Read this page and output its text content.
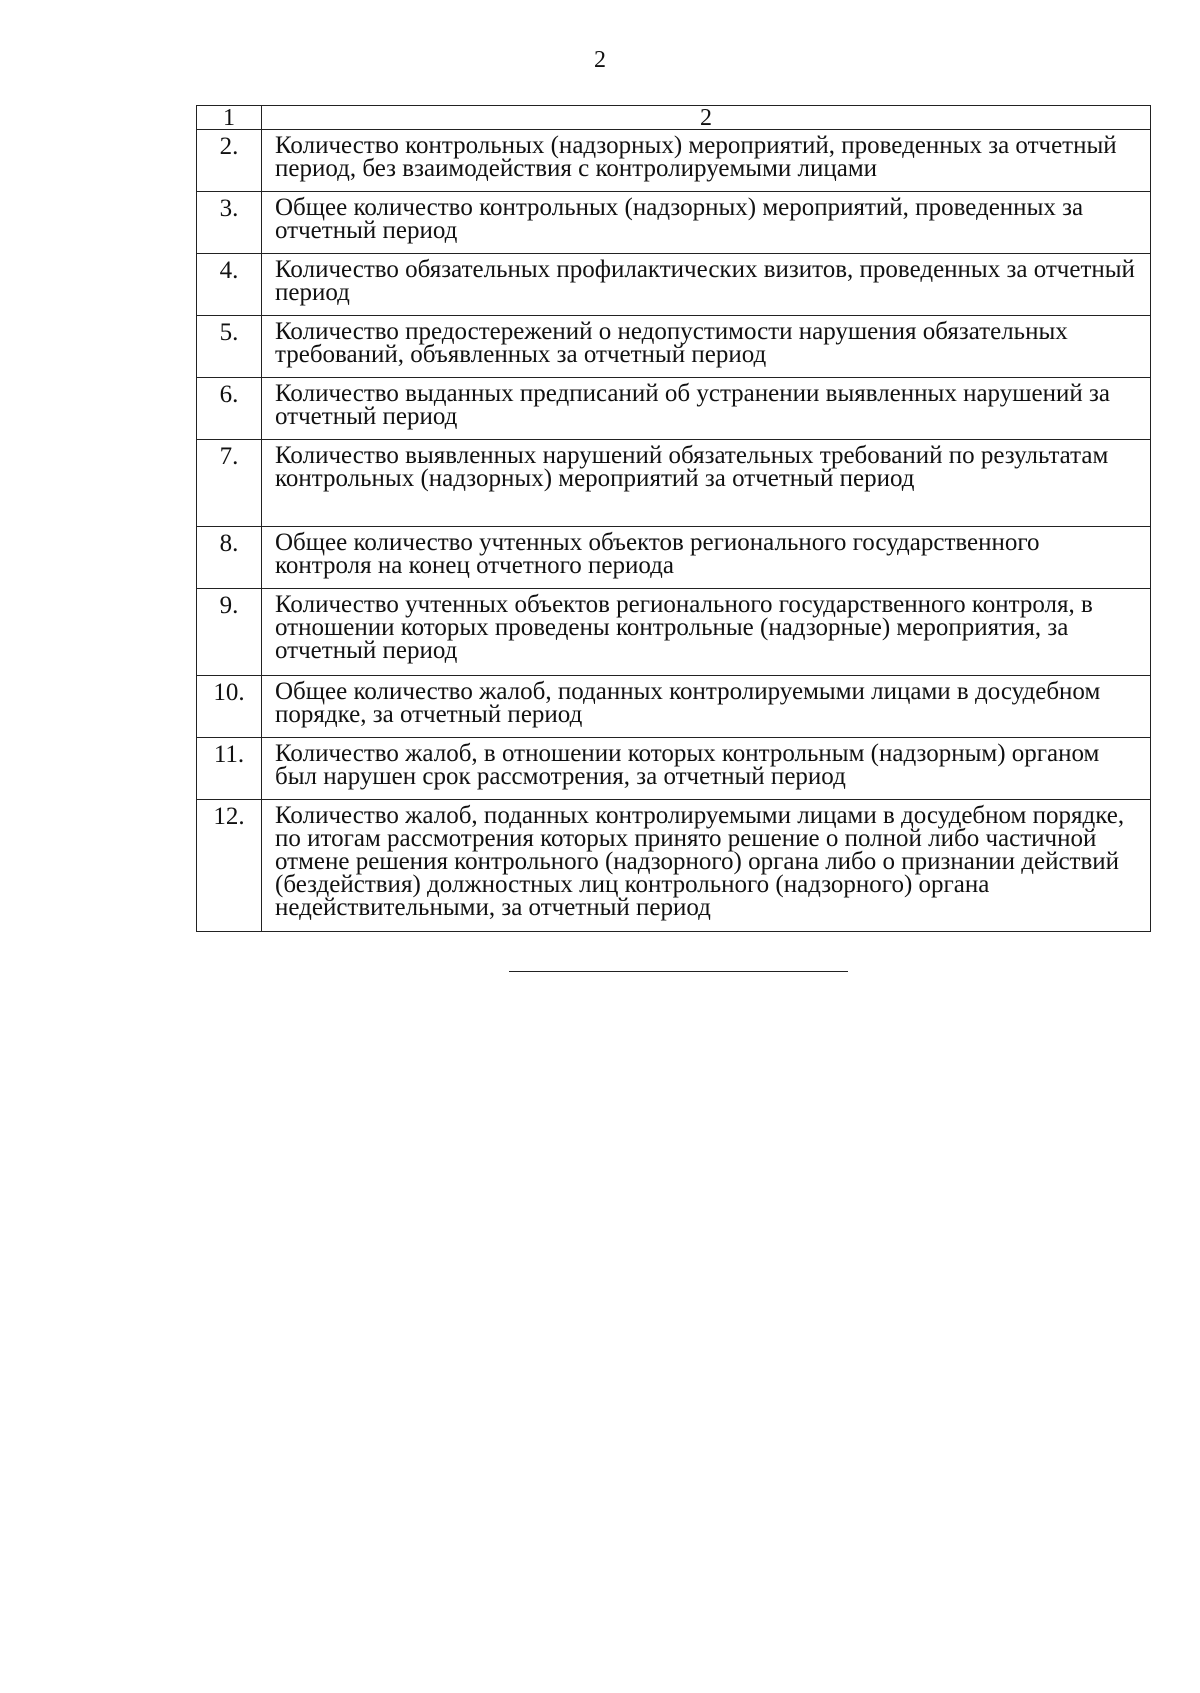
2
1	2
2.	Количество контрольных (надзорных) мероприятий, проведенных за отчетный период, без взаимодействия с контролируемыми лицами
3.	Общее количество контрольных (надзорных) мероприятий, проведенных за отчетный период
4.	Количество обязательных профилактических визитов, проведенных за отчетный период
5.	Количество предостережений о недопустимости нарушения обязательных требований, объявленных за отчетный период
6.	Количество выданных предписаний об устранении выявленных нарушений за отчетный период
7.	Количество выявленных нарушений обязательных требований по результатам контрольных (надзорных) мероприятий за отчетный период
8.	Общее количество учтенных объектов регионального государственного контроля на конец отчетного периода
9.	Количество учтенных объектов регионального государственного контроля, в отношении которых проведены контрольные (надзорные) мероприятия, за отчетный период
10.	Общее количество жалоб, поданных контролируемыми лицами в досудебном порядке, за отчетный период
11.	Количество жалоб, в отношении которых контрольным (надзорным) органом был нарушен срок рассмотрения, за отчетный период
12.	Количество жалоб, поданных контролируемыми лицами в досудебном порядке, по итогам рассмотрения которых принято решение о полной либо частичной отмене решения контрольного (надзорного) органа либо о признании действий (бездействия) должностных лиц контрольного (надзорного) органа недействительными, за отчетный период
